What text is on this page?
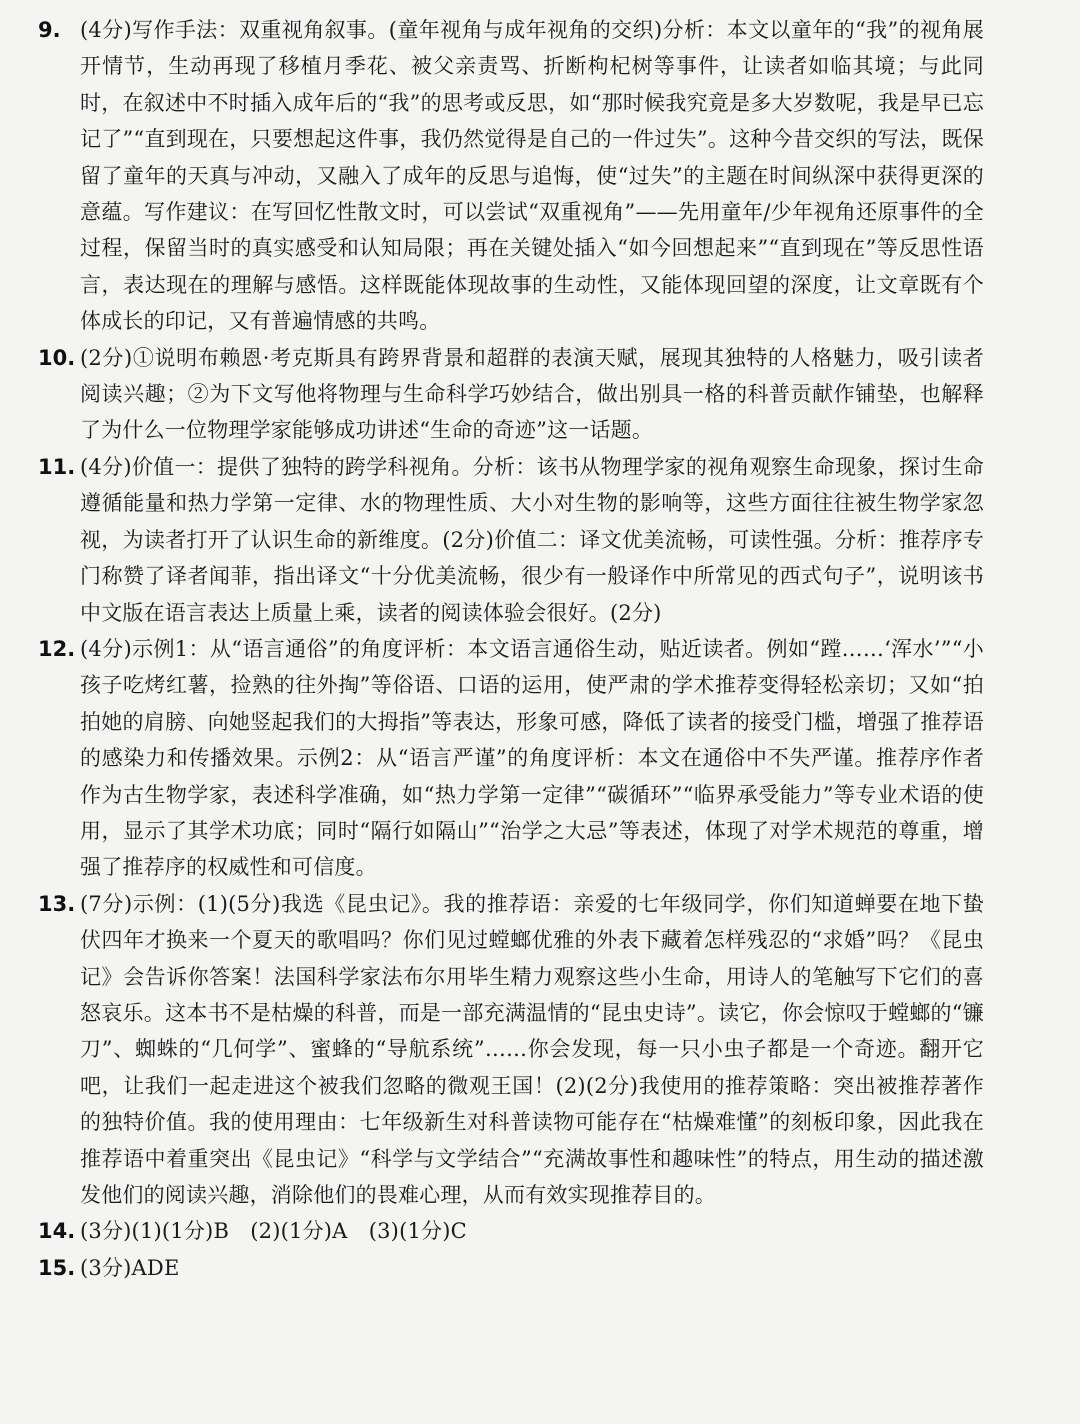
9. (4分)写作手法：双重视角叙事。(童年视角与成年视角的交织)分析：本文以童年的“我”的视角展开情节，生动再现了移植月季花、被父亲责骂、折断枸杞树等事件，让读者如临其境；与此同时，在叙述中不时插入成年后的“我”的思考或反思，如“那时候我究竟是多大岁数呢，我是早已忘记了”“直到现在，只要想起这件事，我仍然觉得是自己的一件过失”。这种今昔交织的写法，既保留了童年的天真与冲动，又融入了成年的反思与追悔，使“过失”的主题在时间纵深中获得更深的意蕴。写作建议：在写回忆性散文时，可以尝试“双重视角”——先用童年/少年视角还原事件的全过程，保留当时的真实感受和认知局限；再在关键处插入“如今回想起来”“直到现在”等反思性语言，表达现在的理解与感悟。这样既能体现故事的生动性，又能体现回望的深度，让文章既有个体成长的印记，又有普遍情感的共鸣。
10. (2分)①说明布赖恩·考克斯具有跨界背景和超群的表演天赋，展现其独特的人格魅力，吸引读者阅读兴趣；②为下文写他将物理与生命科学巧妙结合，做出别具一格的科普贡献作铺垫，也解释了为什么一位物理学家能够成功讲述“生命的奇迹”这一话题。
11. (4分)价值一：提供了独特的跨学科视角。分析：该书从物理学家的视角观察生命现象，探讨生命遵循能量和热力学第一定律、水的物理性质、大小对生物的影响等，这些方面往往被生物学家忽视，为读者打开了认识生命的新维度。(2分)价值二：译文优美流畅，可读性强。分析：推荐序专门称赞了译者闻菲，指出译文“十分优美流畅，很少有一般译作中所常见的西式句子”，说明该书中文版在语言表达上质量上乘，读者的阅读体验会很好。(2分)
12. (4分)示例1：从“语言通俗”的角度评析：本文语言通俗生动，贴近读者。例如“蹚……‘浑水’”“小孩子吃烤红薯，捡熟的往外掏”等俗语、口语的运用，使严肃的学术推荐变得轻松亲切；又如“拍拍她的肩膀、向她竖起我们的大拇指”等表达，形象可感，降低了读者的接受门槛，增强了推荐语的感染力和传播效果。示例2：从“语言严谨”的角度评析：本文在通俗中不失严谨。推荐序作者作为古生物学家，表述科学准确，如“热力学第一定律”“碳循环”“临界承受能力”等专业术语的使用，显示了其学术功底；同时“隔行如隔山”“治学之大忌”等表述，体现了对学术规范的尊重，增强了推荐序的权威性和可信度。
13. (7分)示例：(1)(5分)我选《昆虫记》。我的推荐语：亲爱的七年级同学，你们知道蝉要在地下蛰伏四年才换来一个夏天的歌唱吗？你们见过螳螂优雅的外表下藏着怎样残忍的“求婚”吗？《昆虫记》会告诉你答案！法国科学家法布尔用毕生精力观察这些小生命，用诗人的笔触写下它们的喜怒哀乐。这本书不是枯燥的科普，而是一部充满温情的“昆虫史诗”。读它，你会惊叹于螳螂的“镰刀”、蜘蛛的“几何学”、蜜蜂的“导航系统”……你会发现，每一只小虫子都是一个奇迹。翻开它吧，让我们一起走进这个被我们忽略的微观王国！(2)(2分)我使用的推荐策略：突出被推荐著作的独特价值。我的使用理由：七年级新生对科普读物可能存在“枯燥难懂”的刻板印象，因此我在推荐语中着重突出《昆虫记》“科学与文学结合”“充满故事性和趣味性”的特点，用生动的描述激发他们的阅读兴趣，消除他们的畏难心理，从而有效实现推荐目的。
14. (3分)(1)(1分)B　(2)(1分)A　(3)(1分)C
15. (3分)ADE
